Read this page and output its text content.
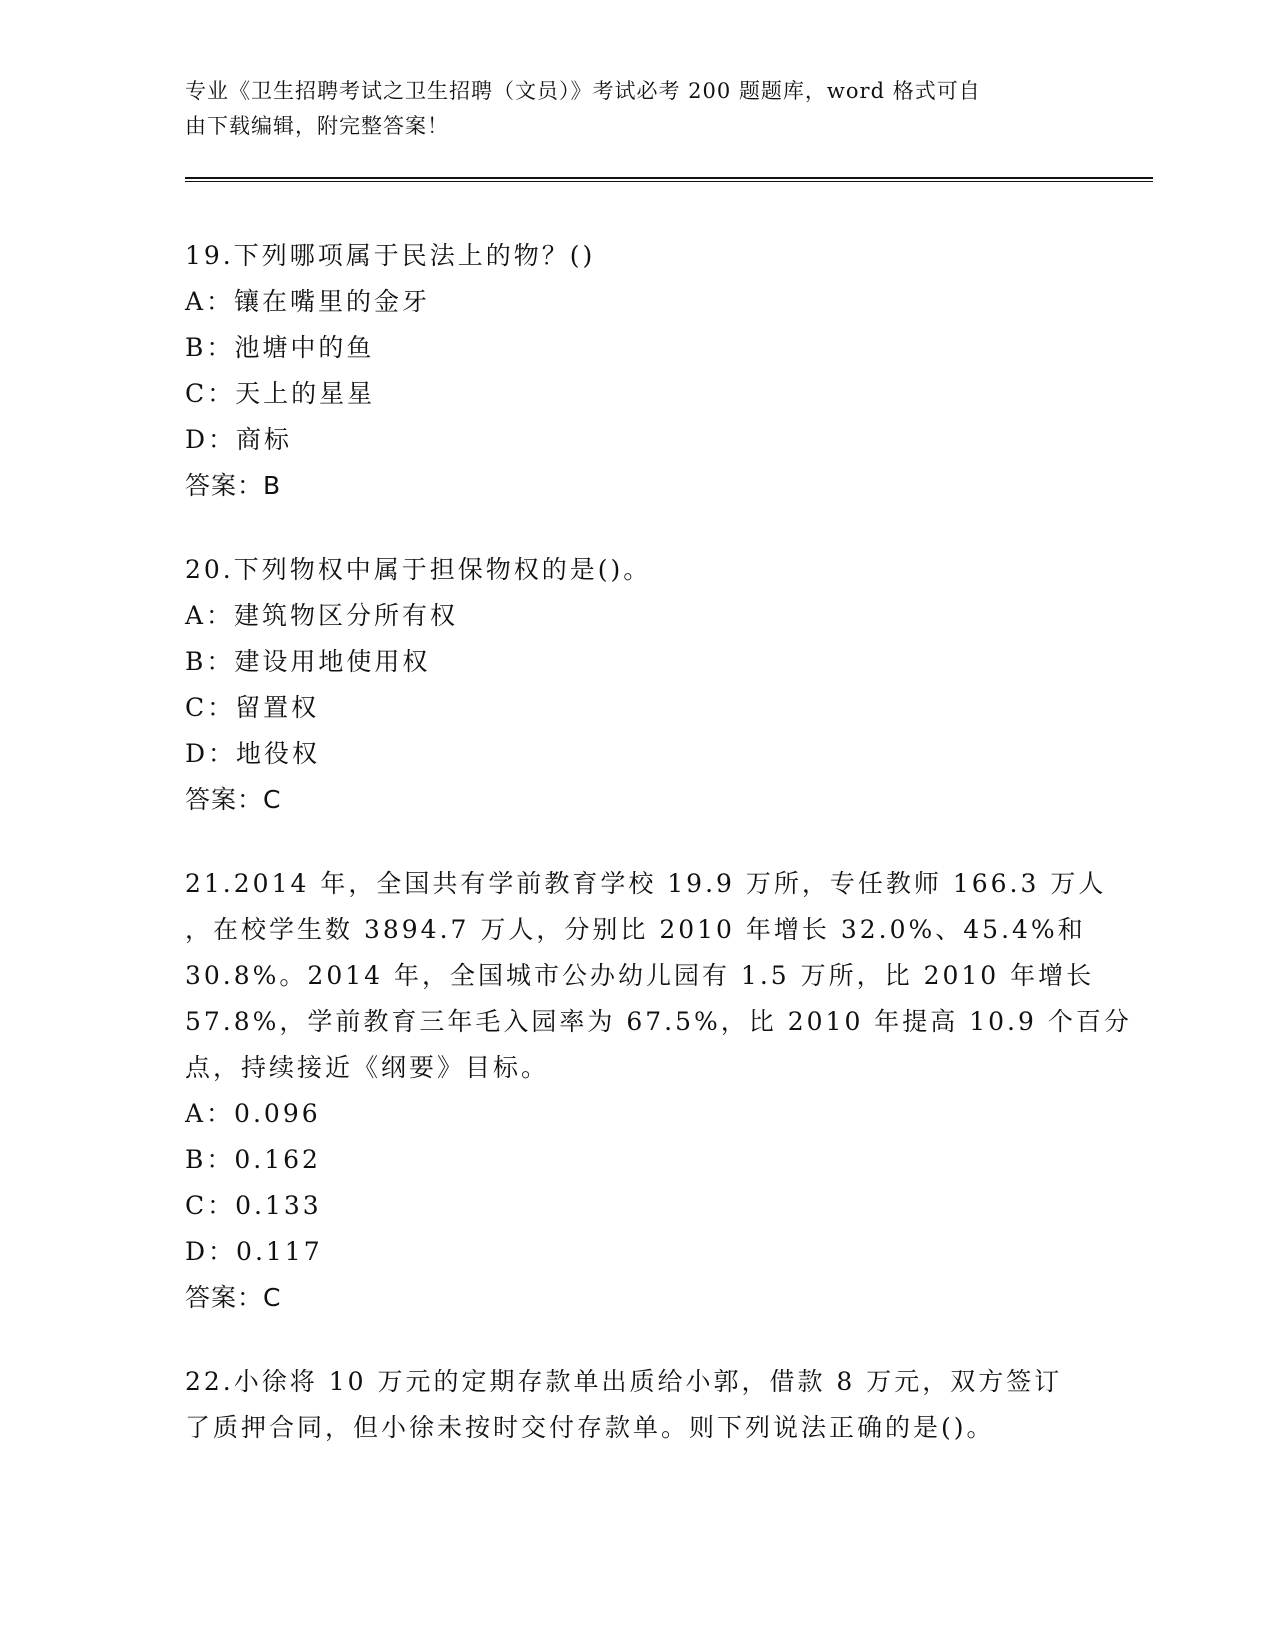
专业《卫生招聘考试之卫生招聘（文员）》考试必考 200 题题库，word 格式可自
由下载编辑，附完整答案！
19.下列哪项属于民法上的物？()
A：镶在嘴里的金牙
B：池塘中的鱼
C：天上的星星
D：商标
答案：B
20.下列物权中属于担保物权的是()。
A：建筑物区分所有权
B：建设用地使用权
C：留置权
D：地役权
答案：C
21.2014 年，全国共有学前教育学校 19.9 万所，专任教师 166.3 万人
，在校学生数 3894.7 万人，分别比 2010 年增长 32.0%、45.4%和
30.8%。2014 年，全国城市公办幼儿园有 1.5 万所，比 2010 年增长
57.8%，学前教育三年毛入园率为 67.5%，比 2010 年提高 10.9 个百分
点，持续接近《纲要》目标。
A：0.096
B：0.162
C：0.133
D：0.117
答案：C
22.小徐将 10 万元的定期存款单出质给小郭，借款 8 万元，双方签订
了质押合同，但小徐未按时交付存款单。则下列说法正确的是()。
